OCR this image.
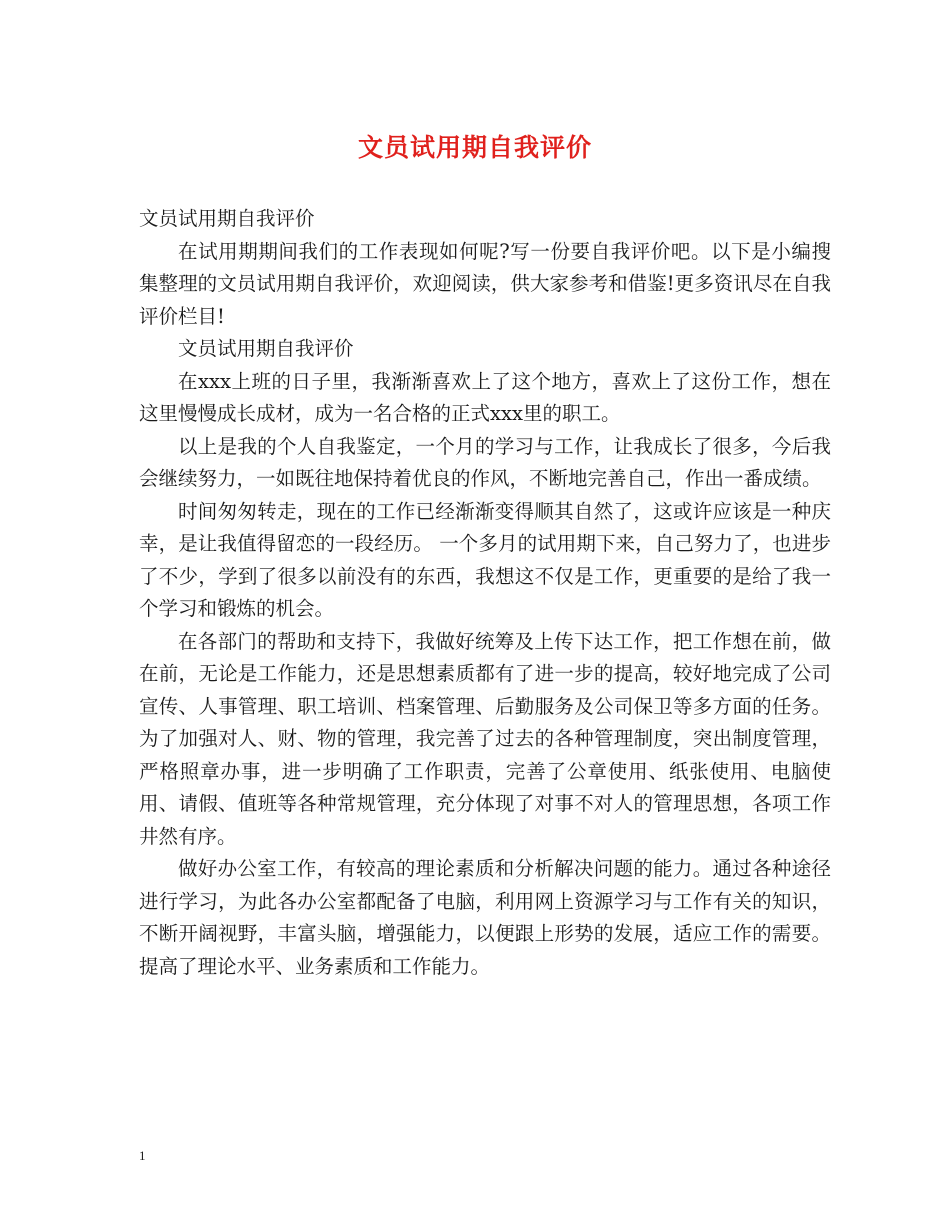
文员试用期自我评价

文员试用期自我评价

在试用期期间我们的工作表现如何呢?写一份要自我评价吧。以下是小编搜集整理的文员试用期自我评价，欢迎阅读，供大家参考和借鉴!更多资讯尽在自我评价栏目!

文员试用期自我评价

在xxx上班的日子里，我渐渐喜欢上了这个地方，喜欢上了这份工作，想在这里慢慢成长成材，成为一名合格的正式xxx里的职工。

以上是我的个人自我鉴定，一个月的学习与工作，让我成长了很多，今后我会继续努力，一如既往地保持着优良的作风，不断地完善自己，作出一番成绩。

时间匆匆转走，现在的工作已经渐渐变得顺其自然了，这或许应该是一种庆幸，是让我值得留恋的一段经历。 一个多月的试用期下来，自己努力了，也进步了不少，学到了很多以前没有的东西，我想这不仅是工作，更重要的是给了我一个学习和锻炼的机会。

在各部门的帮助和支持下，我做好统筹及上传下达工作，把工作想在前，做在前，无论是工作能力，还是思想素质都有了进一步的提高，较好地完成了公司宣传、人事管理、职工培训、档案管理、后勤服务及公司保卫等多方面的任务。为了加强对人、财、物的管理，我完善了过去的各种管理制度，突出制度管理，严格照章办事，进一步明确了工作职责，完善了公章使用、纸张使用、电脑使用、请假、值班等各种常规管理，充分体现了对事不对人的管理思想，各项工作井然有序。

做好办公室工作，有较高的理论素质和分析解决问题的能力。通过各种途径进行学习，为此各办公室都配备了电脑，利用网上资源学习与工作有关的知识，不断开阔视野，丰富头脑，增强能力，以便跟上形势的发展，适应工作的需要。提高了理论水平、业务素质和工作能力。

1
